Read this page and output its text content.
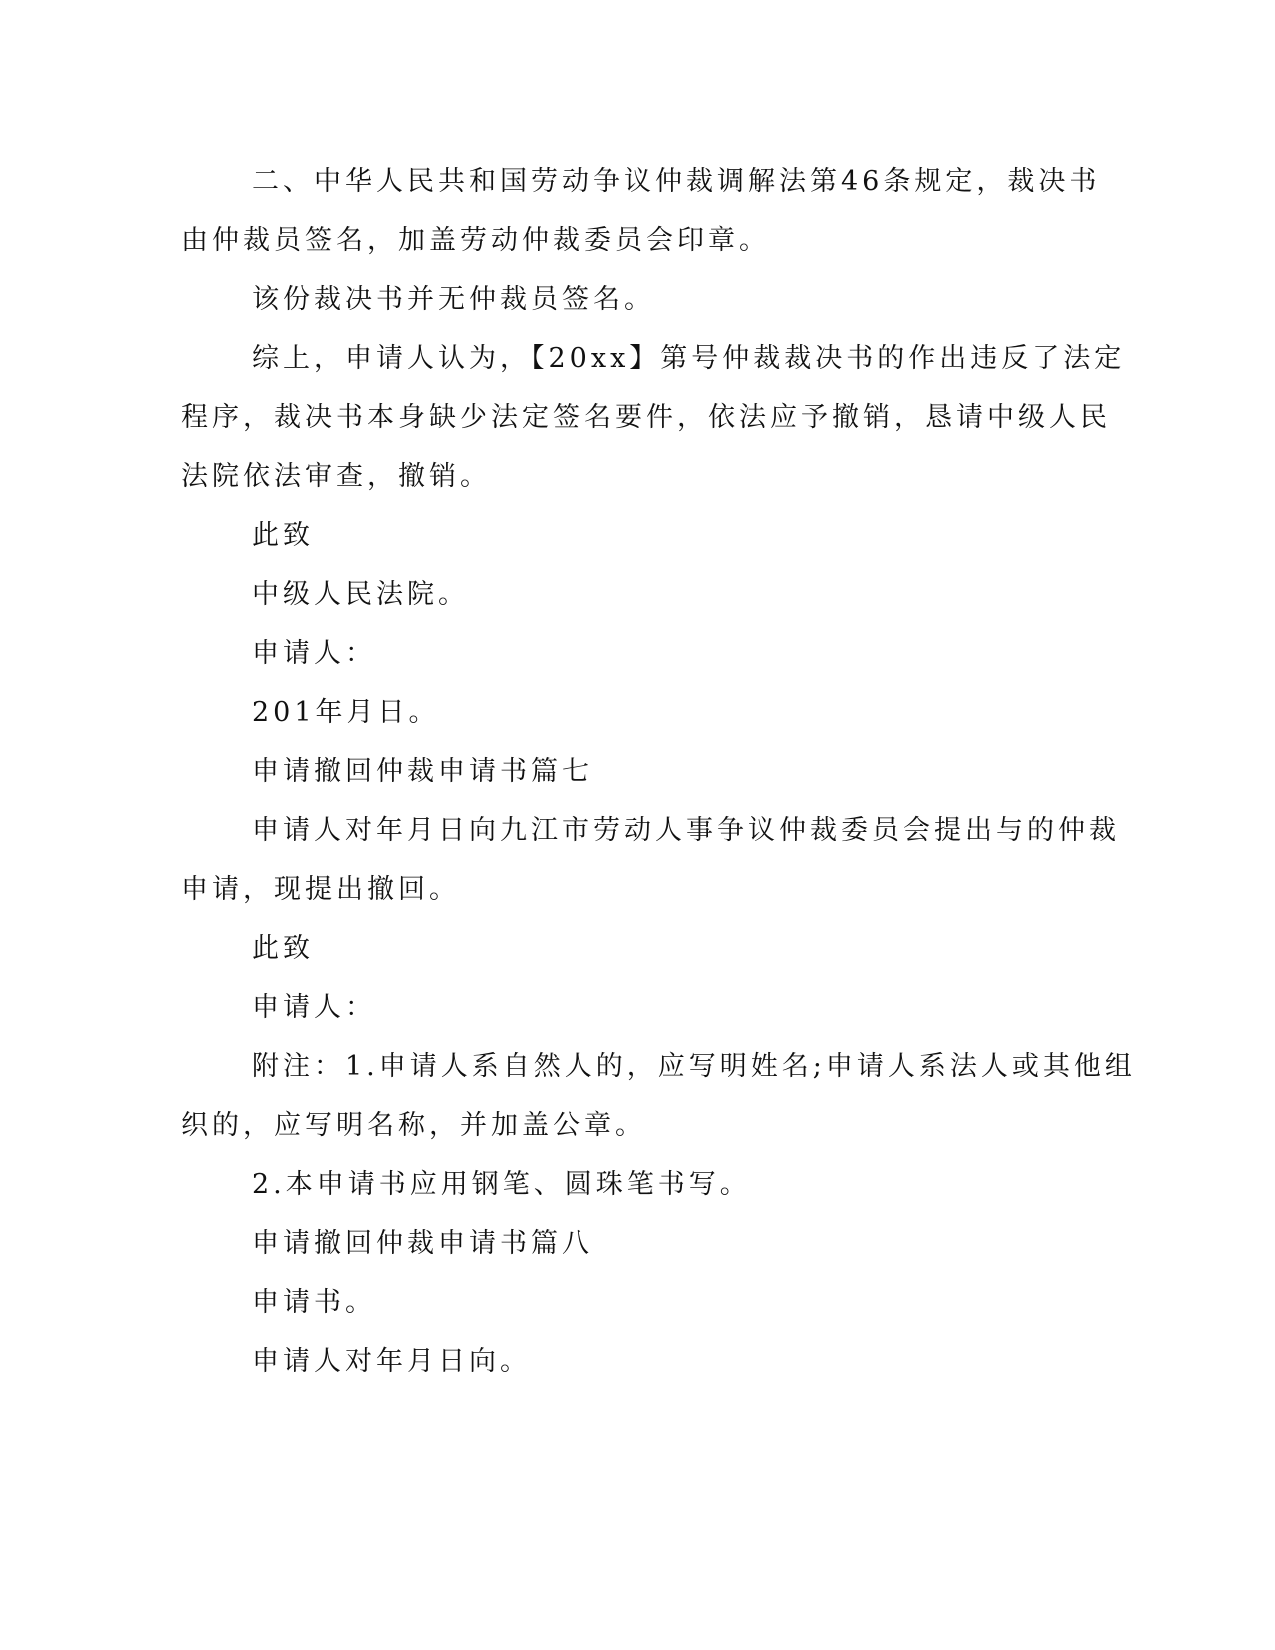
二、中华人民共和国劳动争议仲裁调解法第46条规定，裁决书
由仲裁员签名，加盖劳动仲裁委员会印章。
该份裁决书并无仲裁员签名。
综上，申请人认为，【20xx】第号仲裁裁决书的作出违反了法定
程序，裁决书本身缺少法定签名要件，依法应予撤销，恳请中级人民
法院依法审查，撤销。
此致
中级人民法院。
申请人：
201年月日。
申请撤回仲裁申请书篇七
申请人对年月日向九江市劳动人事争议仲裁委员会提出与的仲裁
申请，现提出撤回。
此致
申请人：
附注：1.申请人系自然人的，应写明姓名;申请人系法人或其他组
织的，应写明名称，并加盖公章。
2.本申请书应用钢笔、圆珠笔书写。
申请撤回仲裁申请书篇八
申请书。
申请人对年月日向。
